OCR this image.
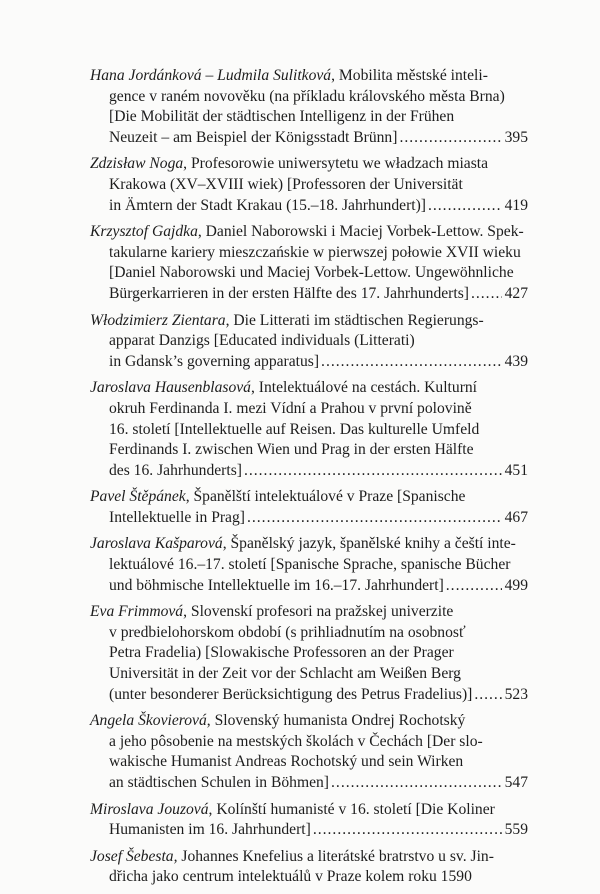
Hana Jordánková – Ludmila Sulitková, Mobilita městské inteli-
gence v raném novověku (na příkladu královského města Brna)
[Die Mobilität der städtischen Intelligenz in der Frühen
Neuzeit – am Beispiel der Königsstadt Brünn] .....	395
Zdzisław Noga, Profesorowie uniwersytetu we władzach miasta
Krakowa (XV–XVIII wiek) [Professoren der Universität
in Ämtern der Stadt Krakau (15.–18. Jahrhundert)] .....	419
Krzysztof Gajdka, Daniel Naborowski i Maciej Vorbek-Lettow. Spek-
takularne kariery mieszczańskie w pierwszej połowie XVII wieku
[Daniel Naborowski und Maciej Vorbek-Lettow. Ungewöhnliche
Bürgerkarrieren in der ersten Hälfte des 17. Jahrhunderts] ..... 427
Włodzimierz Zientara, Die Litterati im städtischen Regierungs-
apparat Danzigs [Educated individuals (Litterati)
in Gdansk’s governing apparatus] .....	439
Jaroslava Hausenblasová, Intelektuálové na cestách. Kulturní
okruh Ferdinanda I. mezi Vídní a Prahou v první polovině
16. století [Intellektuelle auf Reisen. Das kulturelle Umfeld
Ferdinands I. zwischen Wien und Prag in der ersten Hälfte
des 16. Jahrhunderts] .....	451
Pavel Štěpánek, Španělští intelektuálové v Praze [Spanische
Intellektuelle in Prag] .....	467
Jaroslava Kašparová, Španělský jazyk, španělské knihy a čeští inte-
lektuálové 16.–17. století [Spanische Sprache, spanische Bücher
und böhmische Intellektuelle im 16.–17. Jahrhundert] .....	499
Eva Frimmová, Slovenskí profesori na pražskej univerzite
v predbielohorskom období (s prihliadnutím na osobnosť
Petra Fradelia) [Slowakische Professoren an der Prager
Universität in der Zeit vor der Schlacht am Weißen Berg
(unter besonderer Berücksichtigung des Petrus Fradelius)] ..... 523
Angela Škovierová, Slovenský humanista Ondrej Rochotský
a jeho pôsobenie na mestských školách v Čechách [Der slo-
wakische Humanist Andreas Rochotský und sein Wirken
an städtischen Schulen in Böhmen] .....	547
Miroslava Jouzová, Kolínští humanisté v 16. století [Die Koliner
Humanisten im 16. Jahrhundert] .....	559
Josef Šebesta, Johannes Knefelius a literátské bratrstvo u sv. Jin-
dřicha jako centrum intelektuálů v Praze kolem roku 1590
